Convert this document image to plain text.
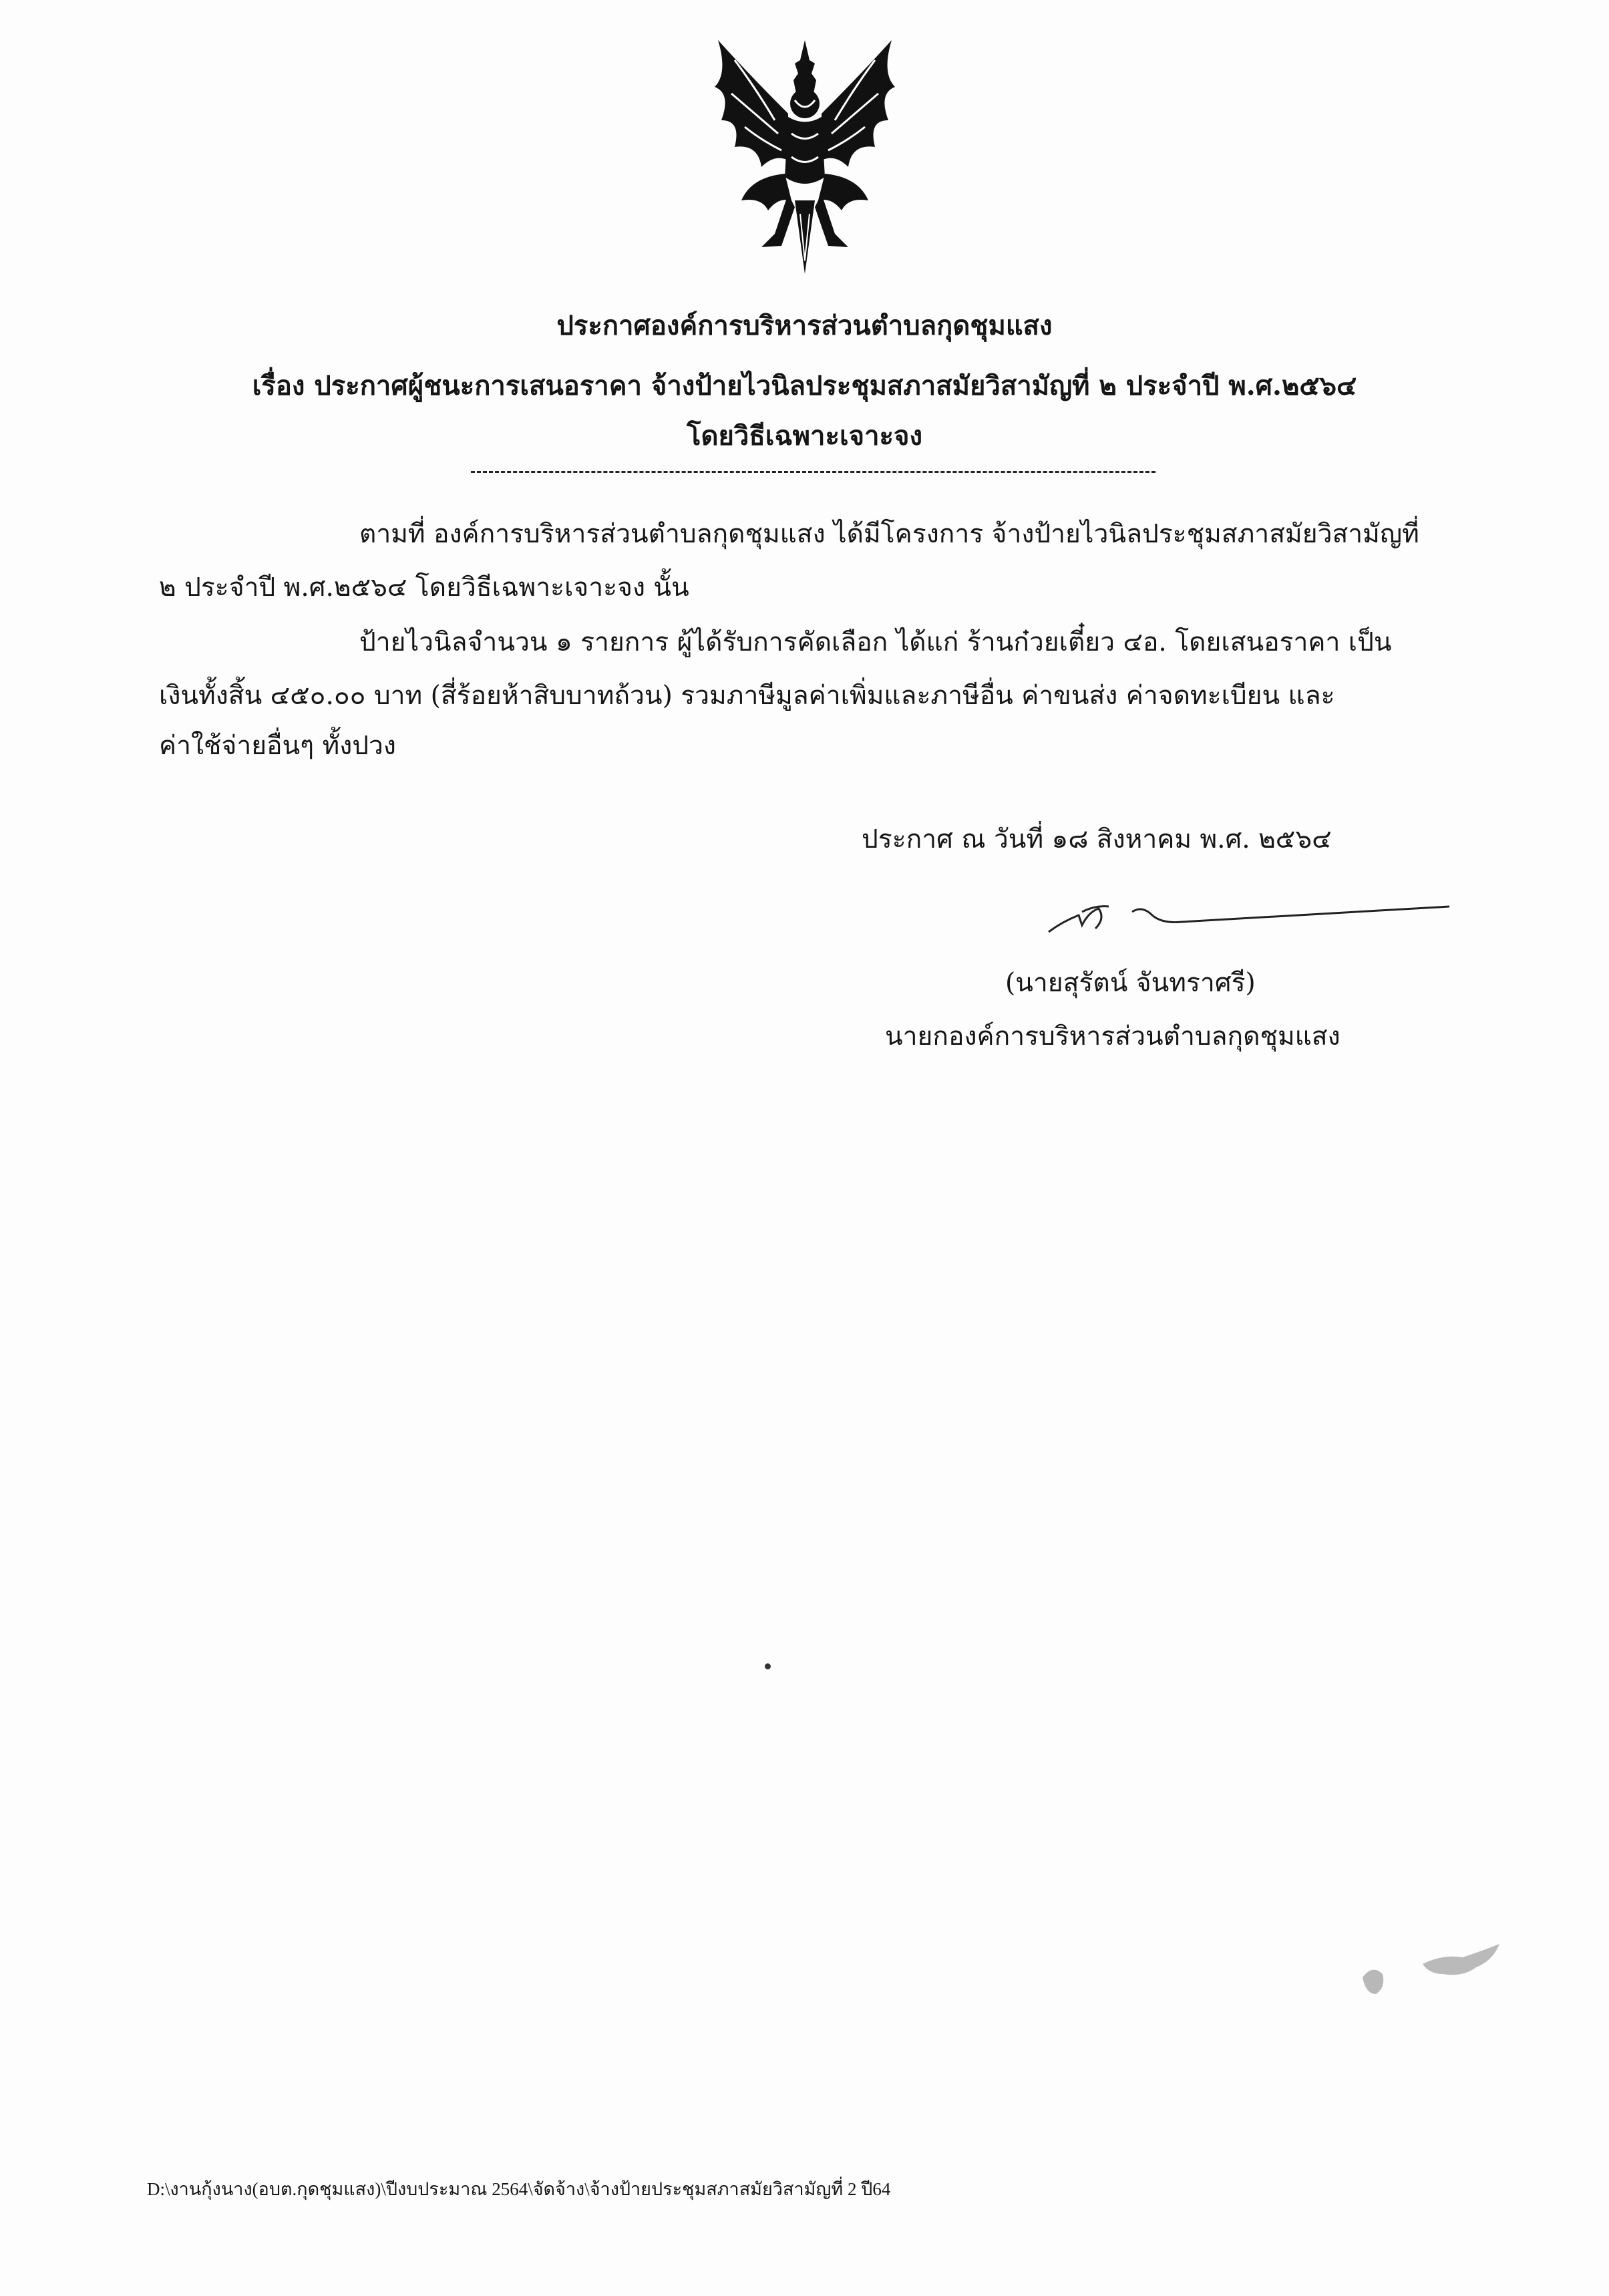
ประกาศองค์การบริหารส่วนตำบลกุดชุมแสง
เรื่อง ประกาศผู้ชนะการเสนอราคา จ้างป้ายไวนิลประชุมสภาสมัยวิสามัญที่ ๒ ประจำปี พ.ศ.๒๕๖๔
โดยวิธีเฉพาะเจาะจง
ตามที่ องค์การบริหารส่วนตำบลกุดชุมแสง ได้มีโครงการ จ้างป้ายไวนิลประชุมสภาสมัยวิสามัญที่
๒ ประจำปี พ.ศ.๒๕๖๔ โดยวิธีเฉพาะเจาะจง นั้น
ป้ายไวนิลจำนวน ๑ รายการ ผู้ได้รับการคัดเลือก ได้แก่ ร้านก๋วยเตี๋ยว ๔อ. โดยเสนอราคา เป็น
เงินทั้งสิ้น ๔๕๐.๐๐ บาท (สี่ร้อยห้าสิบบาทถ้วน) รวมภาษีมูลค่าเพิ่มและภาษีอื่น ค่าขนส่ง ค่าจดทะเบียน และ
ค่าใช้จ่ายอื่นๆ ทั้งปวง
ประกาศ ณ วันที่ ๑๘ สิงหาคม พ.ศ. ๒๕๖๔
(นายสุรัตน์ จันทราศรี)
นายกองค์การบริหารส่วนตำบลกุดชุมแสง
D:\งานกุ้งนาง(อบต.กุดชุมแสง)\ปีงบประมาณ 2564\จัดจ้าง\จ้างป้ายประชุมสภาสมัยวิสามัญที่ 2 ปี64
